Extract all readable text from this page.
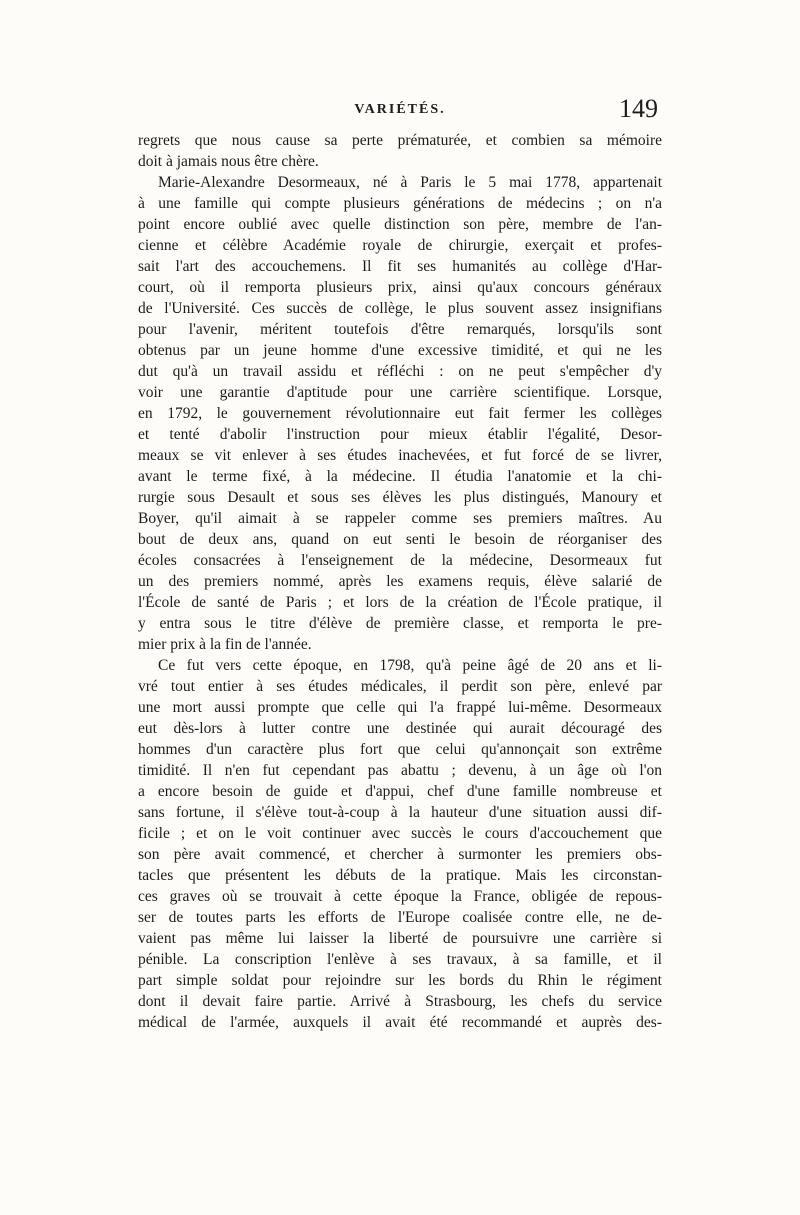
VARIÉTÉS.	149
regrets que nous cause sa perte prématurée, et combien sa mémoire
doit à jamais nous être chère.
Marie-Alexandre Desormeaux, né à Paris le 5 mai 1778, appartenait
à une famille qui compte plusieurs générations de médecins ; on n'a
point encore oublié avec quelle distinction son père, membre de l'an-
cienne et célèbre Académie royale de chirurgie, exerçait et profes-
sait l'art des accouchemens. Il fit ses humanités au collège d'Har-
court, où il remporta plusieurs prix, ainsi qu'aux concours généraux
de l'Université. Ces succès de collège, le plus souvent assez insignifians
pour l'avenir, méritent toutefois d'être remarqués, lorsqu'ils sont
obtenus par un jeune homme d'une excessive timidité, et qui ne les
dut qu'à un travail assidu et réfléchi : on ne peut s'empêcher d'y
voir une garantie d'aptitude pour une carrière scientifique. Lorsque,
en 1792, le gouvernement révolutionnaire eut fait fermer les collèges
et tenté d'abolir l'instruction pour mieux établir l'égalité, Desor-
meaux se vit enlever à ses études inachevées, et fut forcé de se livrer,
avant le terme fixé, à la médecine. Il étudia l'anatomie et la chi-
rurgie sous Desault et sous ses élèves les plus distingués, Manoury et
Boyer, qu'il aimait à se rappeler comme ses premiers maîtres. Au
bout de deux ans, quand on eut senti le besoin de réorganiser des
écoles consacrées à l'enseignement de la médecine, Desormeaux fut
un des premiers nommé, après les examens requis, élève salarié de
l'École de santé de Paris ; et lors de la création de l'École pratique, il
y entra sous le titre d'élève de première classe, et remporta le pre-
mier prix à la fin de l'année.
Ce fut vers cette époque, en 1798, qu'à peine âgé de 20 ans et li-
vré tout entier à ses études médicales, il perdit son père, enlevé par
une mort aussi prompte que celle qui l'a frappé lui-même. Desormeaux
eut dès-lors à lutter contre une destinée qui aurait découragé des
hommes d'un caractère plus fort que celui qu'annonçait son extrême
timidité. Il n'en fut cependant pas abattu ; devenu, à un âge où l'on
a encore besoin de guide et d'appui, chef d'une famille nombreuse et
sans fortune, il s'élève tout-à-coup à la hauteur d'une situation aussi dif-
ficile ; et on le voit continuer avec succès le cours d'accouchement que
son père avait commencé, et chercher à surmonter les premiers obs-
tacles que présentent les débuts de la pratique. Mais les circonstan-
ces graves où se trouvait à cette époque la France, obligée de repous-
ser de toutes parts les efforts de l'Europe coalisée contre elle, ne de-
vaient pas même lui laisser la liberté de poursuivre une carrière si
pénible. La conscription l'enlève à ses travaux, à sa famille, et il
part simple soldat pour rejoindre sur les bords du Rhin le régiment
dont il devait faire partie. Arrivé à Strasbourg, les chefs du service
médical de l'armée, auxquels il avait été recommandé et auprès des-
